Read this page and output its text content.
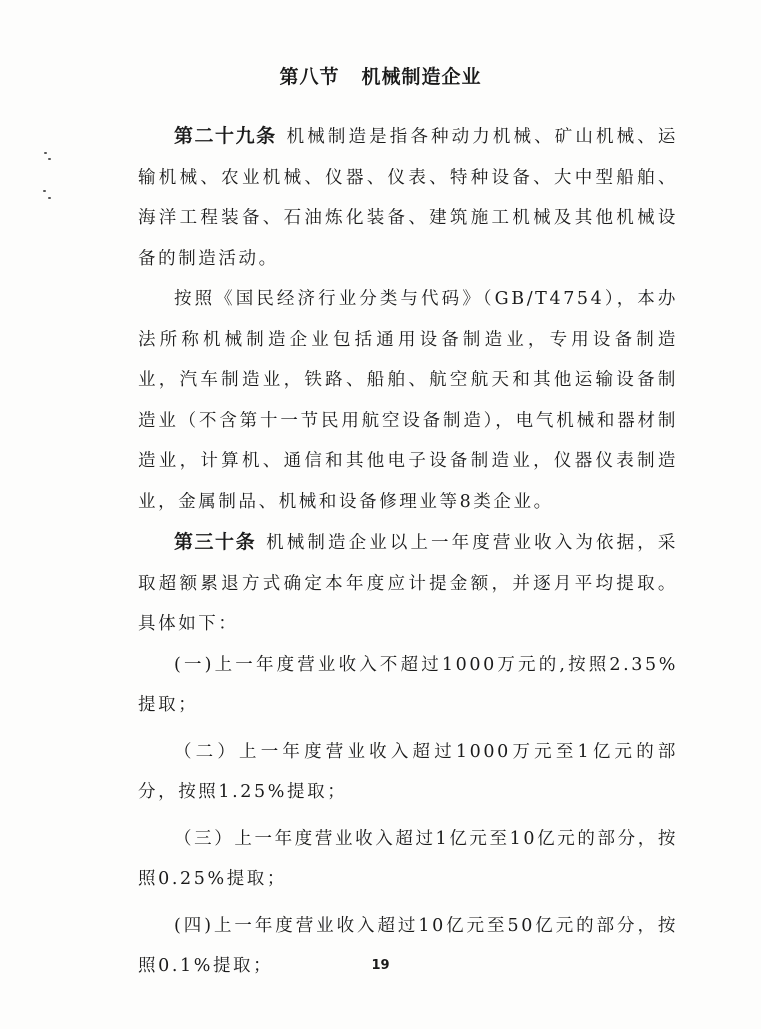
第八节 机械制造企业

第二十九条 机械制造是指各种动力机械、矿山机械、运输机械、农业机械、仪器、仪表、特种设备、大中型船舶、海洋工程装备、石油炼化装备、建筑施工机械及其他机械设备的制造活动。

按照《国民经济行业分类与代码》（GB/T4754），本办法所称机械制造企业包括通用设备制造业，专用设备制造业，汽车制造业，铁路、船舶、航空航天和其他运输设备制造业（不含第十一节民用航空设备制造），电气机械和器材制造业，计算机、通信和其他电子设备制造业，仪器仪表制造业，金属制品、机械和设备修理业等8类企业。

第三十条 机械制造企业以上一年度营业收入为依据，采取超额累退方式确定本年度应计提金额，并逐月平均提取。具体如下：

(一)上一年度营业收入不超过1000万元的,按照2.35%提取；

（二）上一年度营业收入超过1000万元至1亿元的部分，按照1.25%提取；

（三）上一年度营业收入超过1亿元至10亿元的部分，按照0.25%提取；

(四)上一年度营业收入超过10亿元至50亿元的部分，按照0.1%提取；	19
